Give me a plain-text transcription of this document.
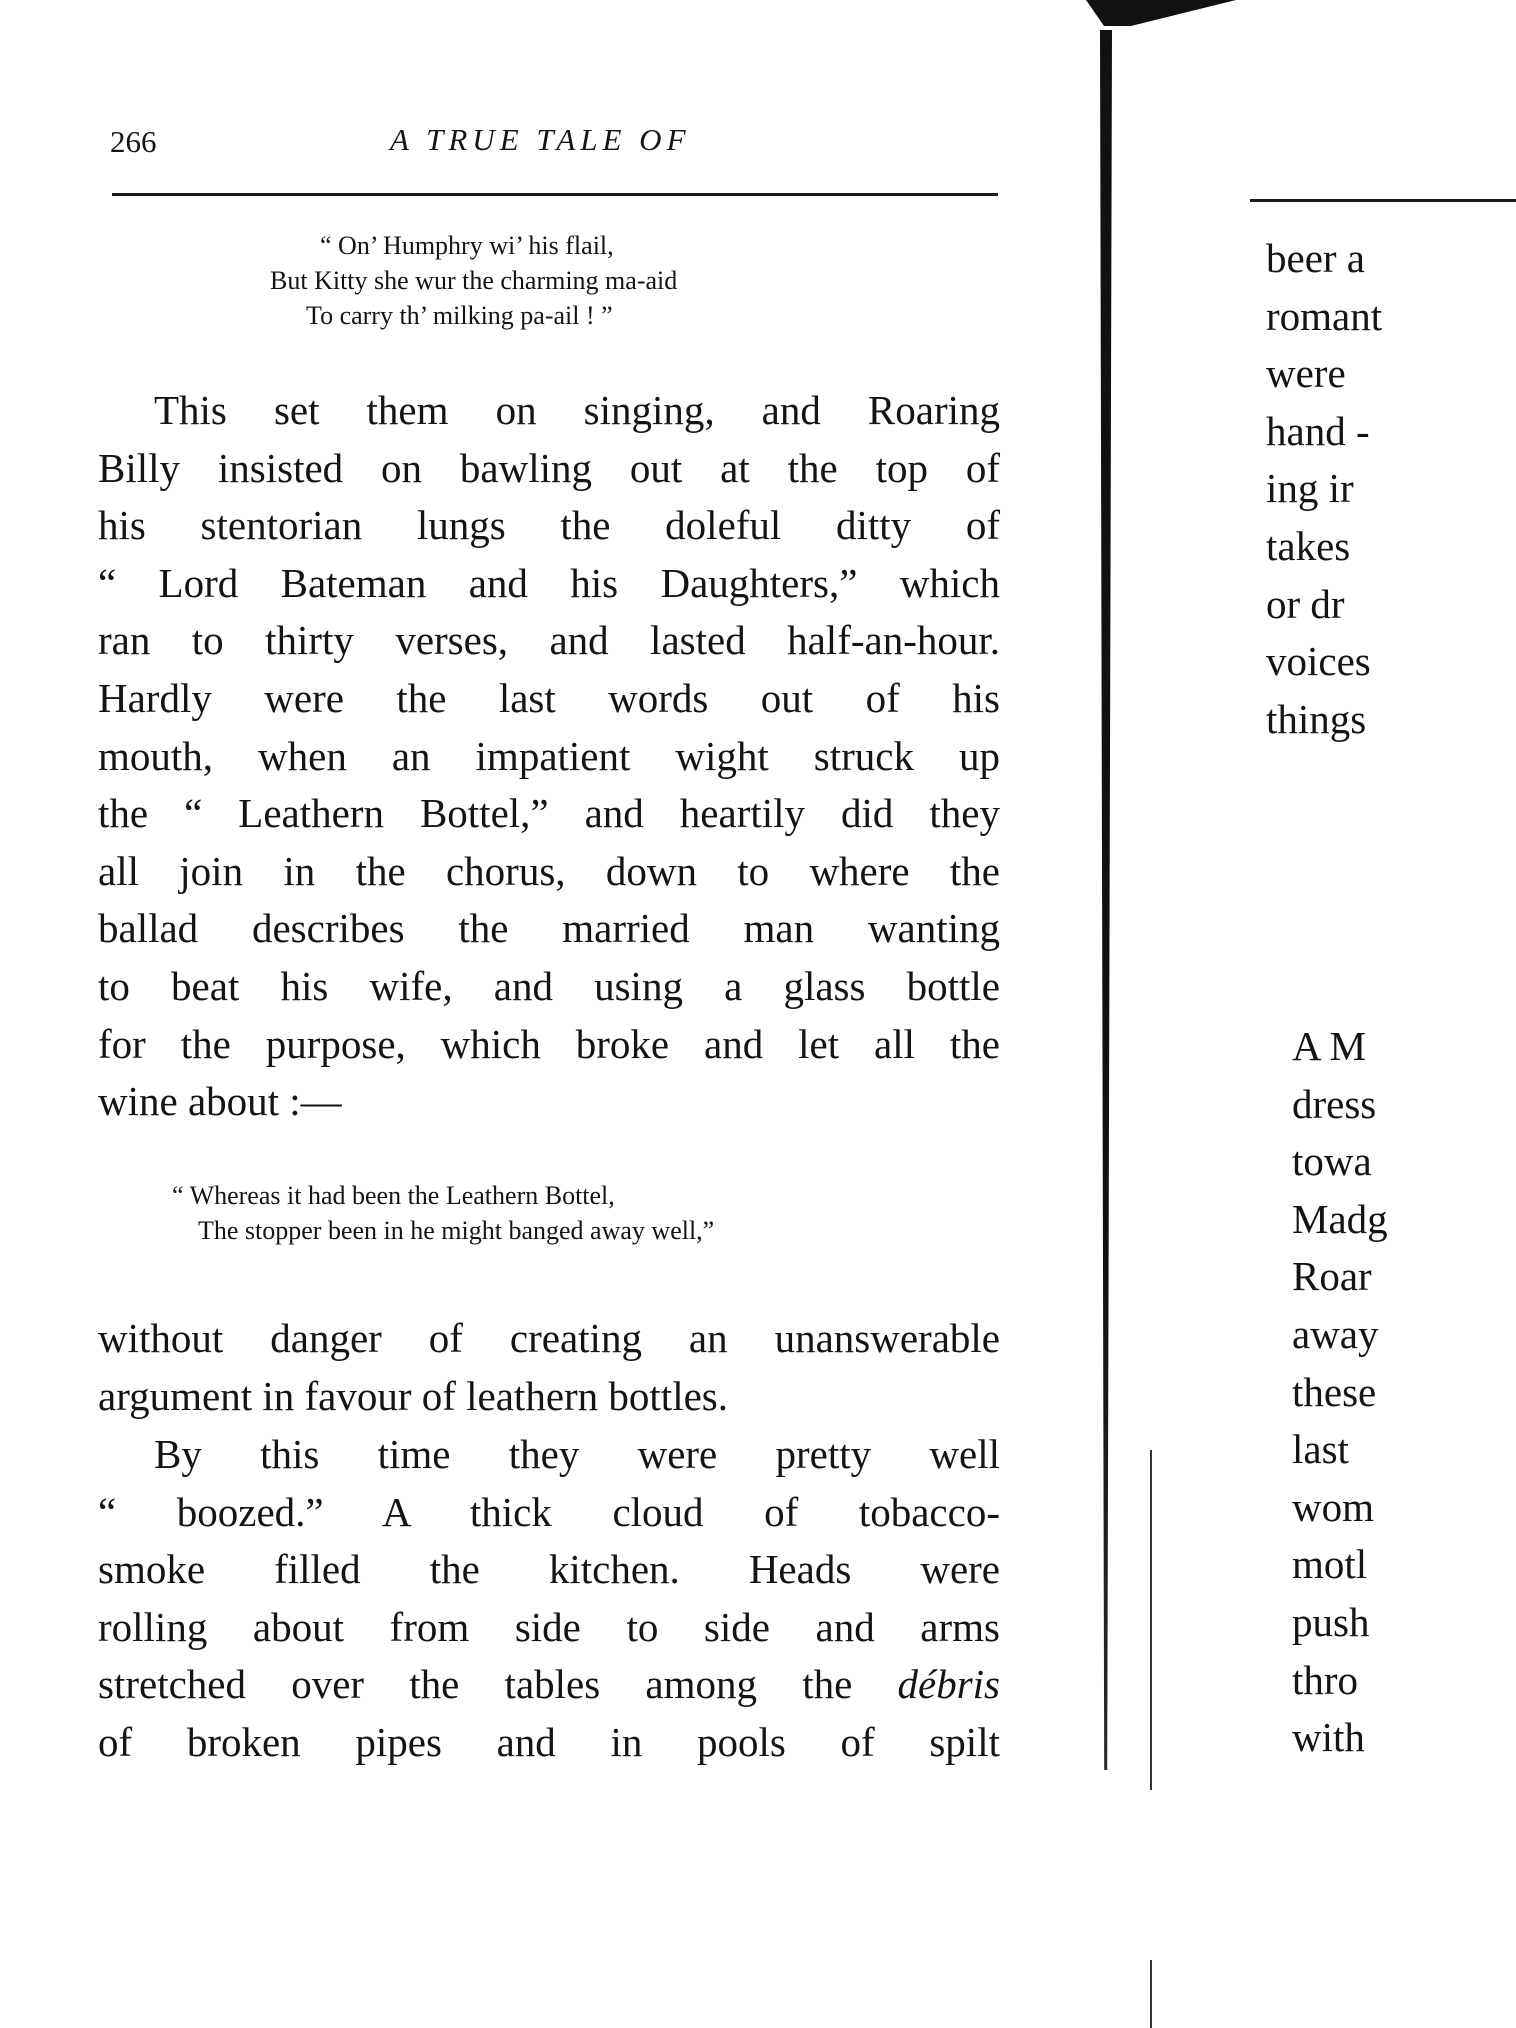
266	A TRUE TALE OF
“ On’ Humphry wi’ his flail,
But Kitty she wur the charming ma-aid
To carry th’ milking pa-ail ! ”
This set them on singing, and Roaring
Billy insisted on bawling out at the top of
his stentorian lungs the doleful ditty of
“ Lord Bateman and his Daughters,” which
ran to thirty verses, and lasted half-an-hour.
Hardly were the last words out of his
mouth, when an impatient wight struck up
the “ Leathern Bottel,” and heartily did they
all join in the chorus, down to where the
ballad describes the married man wanting
to beat his wife, and using a glass bottle
for the purpose, which broke and let all the
wine about :—
“ Whereas it had been the Leathern Bottel,
The stopper been in he might banged away well,”
without danger of creating an unanswerable
argument in favour of leathern bottles.
By this time they were pretty well
“ boozed.” A thick cloud of tobacco-
smoke filled the kitchen. Heads were
rolling about from side to side and arms
stretched over the tables among the débris
of broken pipes and in pools of spilt
beer a
romant
were
hand -
ing ir
takes
or dr
voices
things
A M
dress
towa
Madg
Roar
away
these
last
wom
motl
push
thro
with
